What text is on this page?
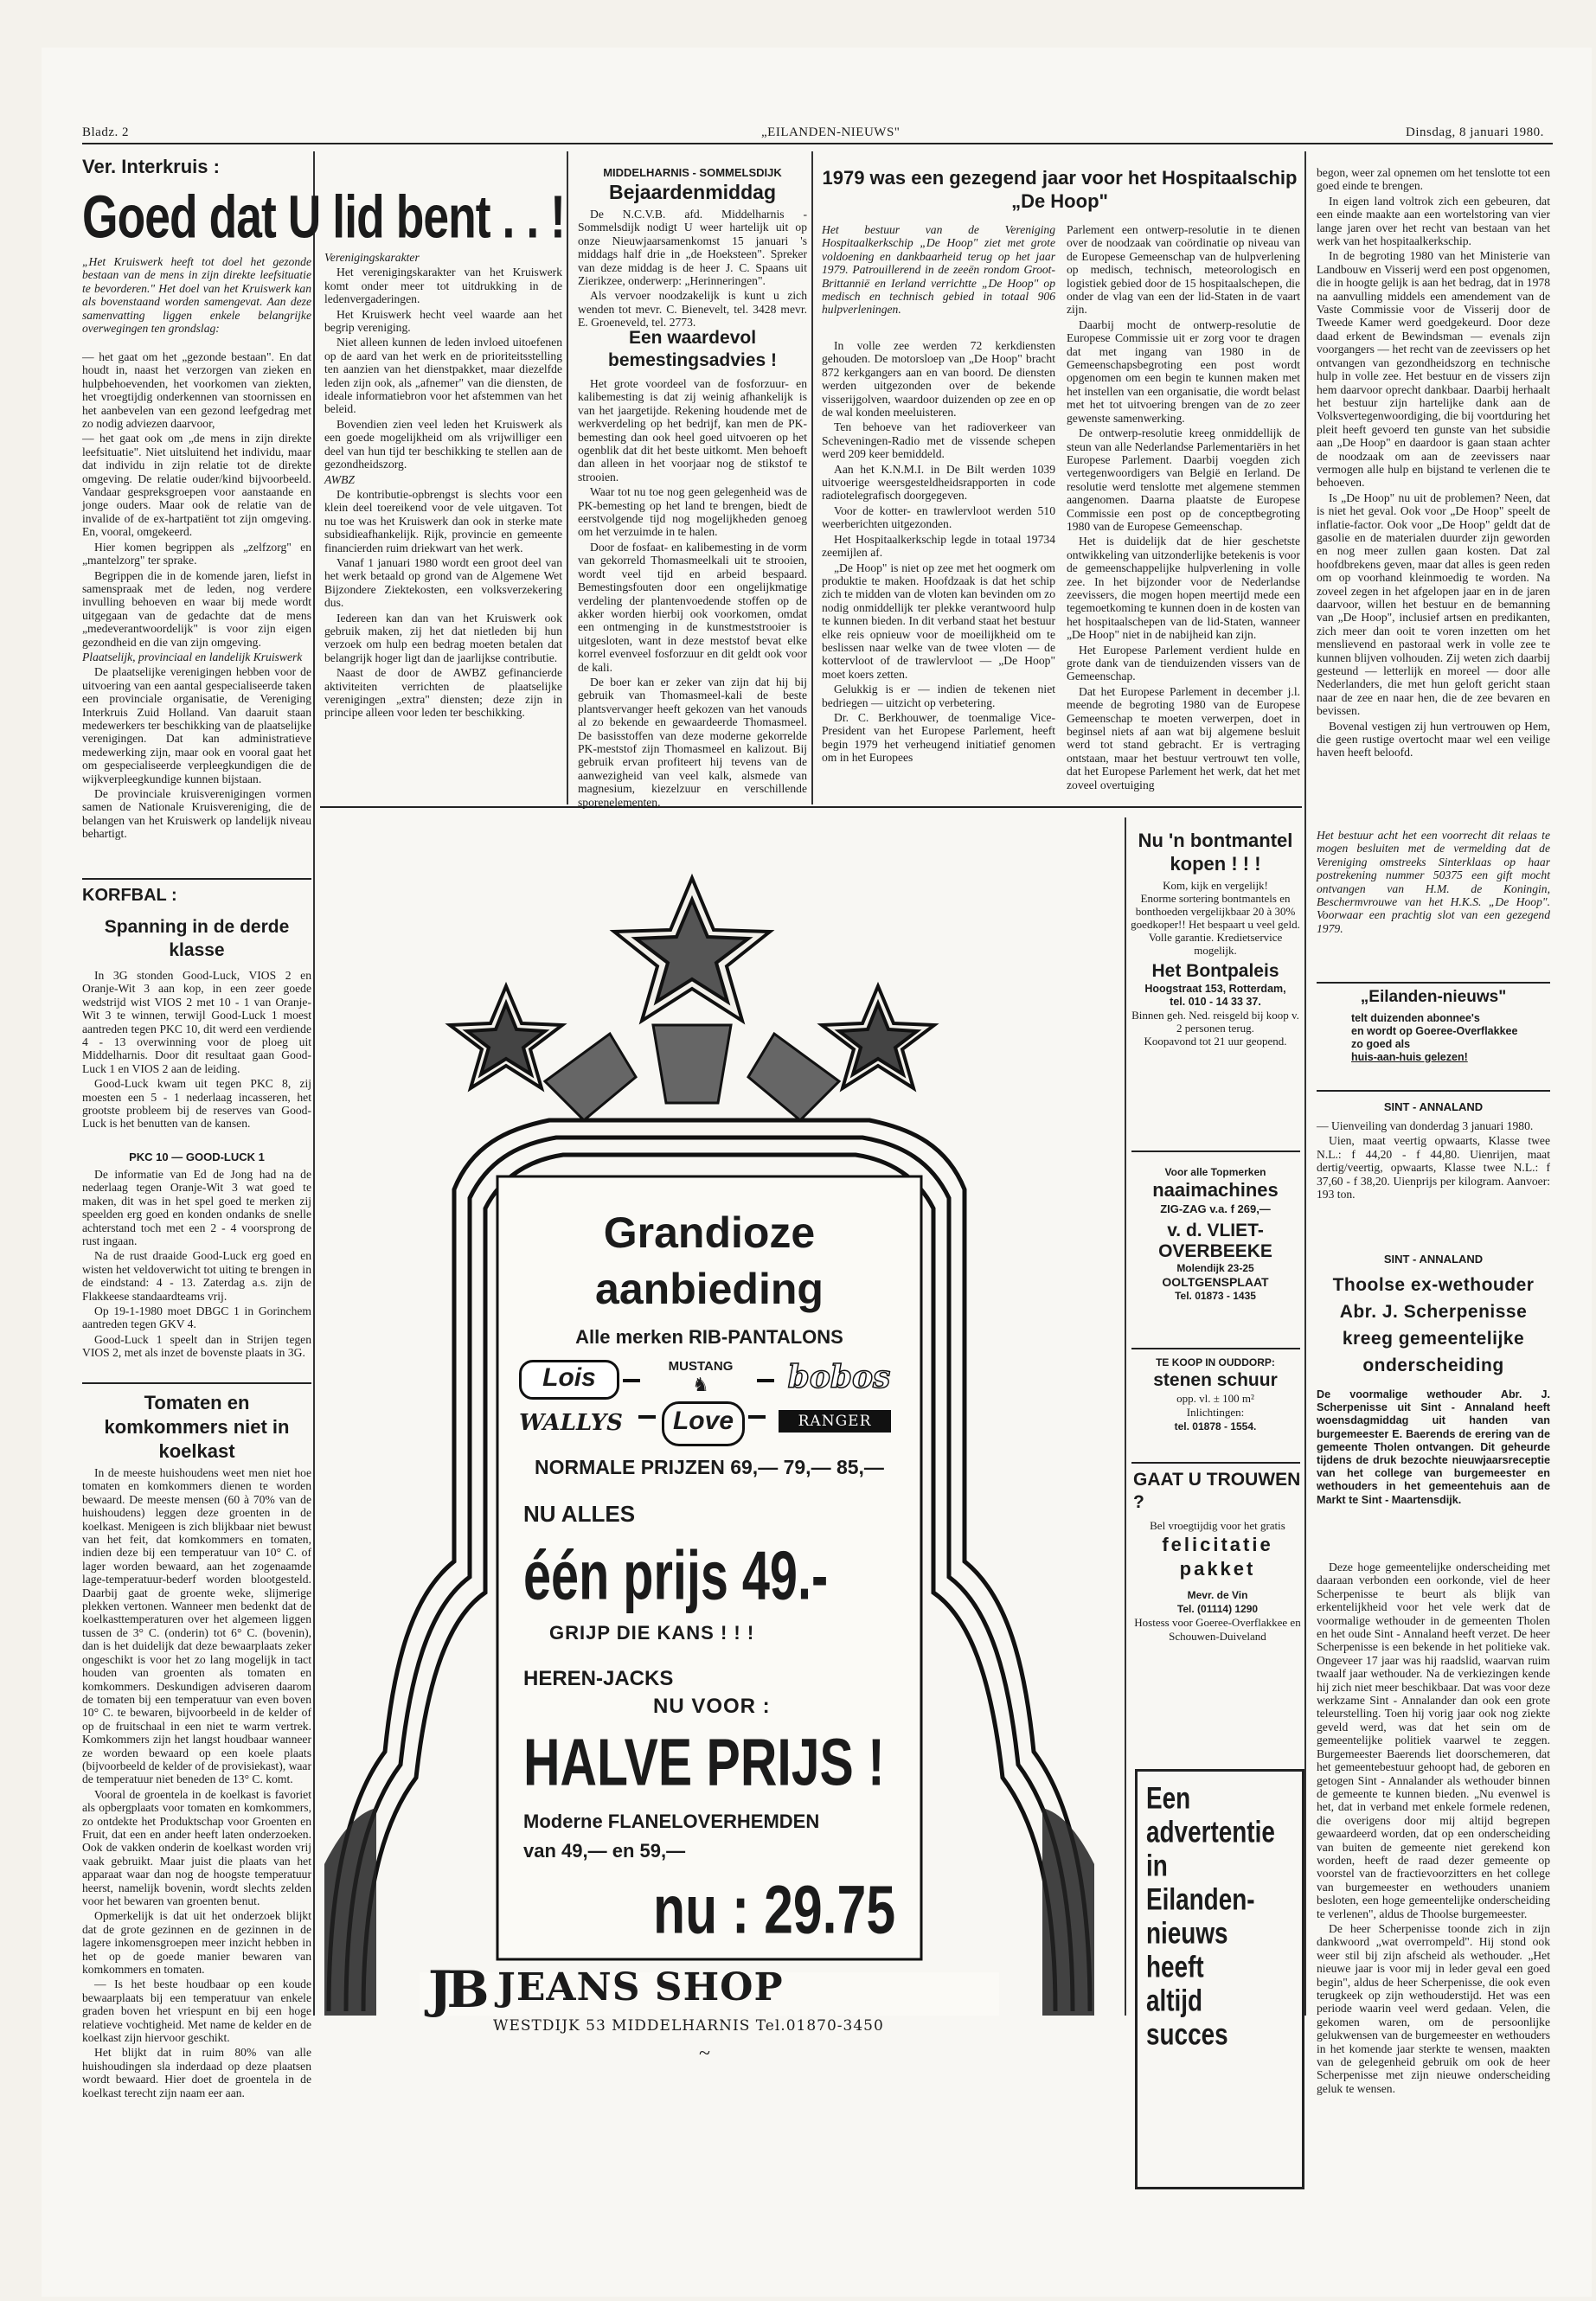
Bladz. 2	„EILANDEN-NIEUWS"	Dinsdag, 8 januari 1980.
Ver. Interkruis :
Goed dat U lid bent . . !
„Het Kruiswerk heeft tot doel het gezonde bestaan van de mens in zijn direkte leefsituatie te bevorderen." Het doel van het Kruiswerk kan als bovenstaand worden samengevat. Aan deze samenvatting liggen enkele belangrijke overwegingen ten grondslag:

— het gaat om het „gezonde bestaan". En dat houdt in, naast het verzorgen van zieken en hulpbehoevenden, het voorkomen van ziekten, het vroegtijdig onderkennen van stoornissen en het aanbevelen van een gezond leefgedrag met zo nodig adviezen daarvoor,

— het gaat ook om „de mens in zijn direkte leefsituatie". Niet uitsluitend het individu, maar dat individu in zijn relatie tot de direkte omgeving. De relatie ouder/kind bijvoorbeeld. Vandaar gespreksgroepen voor aanstaande en jonge ouders. Maar ook de relatie van de invalide of de ex-hartpatiënt tot zijn omgeving. En, vooral, omgekeerd.

Hier komen begrippen als „zelfzorg" en „mantelzorg" ter sprake.

Begrippen die in de komende jaren, liefst in samenspraak met de leden, nog verdere invulling behoeven en waar bij mede wordt uitgegaan van de gedachte dat de mens „medeverantwoordelijk" is voor zijn eigen gezondheid en die van zijn omgeving.

Plaatselijk, provinciaal en landelijk Kruiswerk

De plaatselijke verenigingen hebben voor de uitvoering van een aantal gespecialiseerde taken een provinciale organisatie, de Vereniging Interkruis Zuid Holland. Van daaruit staan medewerkers ter beschikking van de plaatselijke verenigingen. Dat kan administratieve medewerking zijn, maar ook en vooral gaat het om gespecialiseerde verpleegkundigen die de wijkverpleegkundige kunnen bijstaan.

De provinciale kruisverenigingen vormen samen de Nationale Kruisvereniging, die de belangen van het Kruiswerk op landelijk niveau behartigt.

Verenigingskarakter

Het verenigingskarakter van het Kruiswerk komt onder meer tot uitdrukking in de ledenvergaderingen.

Het Kruiswerk hecht veel waarde aan het begrip vereniging.

Niet alleen kunnen de leden invloed uitoefenen op de aard van het werk en de prioriteitsstelling ten aanzien van het dienstpakket, maar diezelfde leden zijn ook, als „afnemer" van die diensten, de ideale informatiebron voor het afstemmen van het beleid.

Bovendien zien veel leden het Kruiswerk als een goede mogelijkheid om als vrijwilliger een deel van hun tijd ter beschikking te stellen aan de gezondheidszorg.

AWBZ

De kontributie-opbrengst is slechts voor een klein deel toereikend voor de vele uitgaven. Tot nu toe was het Kruiswerk dan ook in sterke mate subsidieafhankelijk. Rijk, provincie en gemeente financierden ruim driekwart van het werk.

Vanaf 1 januari 1980 wordt een groot deel van het werk betaald op grond van de Algemene Wet Bijzondere Ziektekosten, een volksverzekering dus.

Iedereen kan dan van het Kruiswerk ook gebruik maken, zij het dat nietleden bij hun verzoek om hulp een bedrag moeten betalen dat belangrijk hoger ligt dan de jaarlijkse contributie.

Naast de door de AWBZ gefinancierde aktiviteiten verrichten de plaatselijke verenigingen „extra" diensten; deze zijn in principe alleen voor leden ter beschikking.

MIDDELHARNIS - SOMMELSDIJK
Bejaardenmiddag

De N.C.V.B. afd. Middelharnis - Sommelsdijk nodigt U weer hartelijk uit op onze Nieuwjaarsamenkomst 15 januari 's middags half drie in „de Hoeksteen". Spreker van deze middag is de heer J. C. Spaans uit Zierikzee, onderwerp: „Herinneringen".

Als vervoer noodzakelijk is kunt u zich wenden tot mevr. C. Bienevelt, tel. 3428 mevr. E. Groeneveld, tel. 2773.

Een waardevol bemestingsadvies !

Het grote voordeel van de fosforzuur- en kalibemesting is dat zij weinig afhankelijk is van het jaargetijde. Rekening houdende met de werkverdeling op het bedrijf, kan men de PK-bemesting dan ook heel goed uitvoeren op het ogenblik dat dit het beste uitkomt. Men behoeft dan alleen in het voorjaar nog de stikstof te strooien.

Waar tot nu toe nog geen gelegenheid was de PK-bemesting op het land te brengen, biedt de eerstvolgende tijd nog mogelijkheden genoeg om het verzuimde in te halen.

Door de fosfaat- en kalibemesting in de vorm van gekorreld Thomasmeelkali uit te strooien, wordt veel tijd en arbeid bespaard. Bemestingsfouten door een ongelijkmatige verdeling der plantenvoedende stoffen op de akker worden hierbij ook voorkomen, omdat een ontmenging in de kunstmeststrooier is uitgesloten, want in deze meststof bevat elke korrel evenveel fosforzuur en dit geldt ook voor de kali.

De boer kan er zeker van zijn dat hij bij gebruik van Thomasmeel-kali de beste plantsvervanger heeft gekozen van het vanouds al zo bekende en gewaardeerde Thomasmeel. De basisstoffen van deze moderne gekorrelde PK-meststof zijn Thomasmeel en kalizout. Bij gebruik ervan profiteert hij tevens van de aanwezigheid van veel kalk, alsmede van magnesium, kiezelzuur en verschillende sporenelementen.

1979 was een gezegend jaar voor het Hospitaalschip „De Hoop"
Het bestuur van de Vereniging Hospitaalkerkschip „De Hoop" ziet met grote voldoening en dankbaarheid terug op het jaar 1979. Patrouillerend in de zeeën rondom Groot-Brittannië en Ierland verrichtte „De Hoop" op medisch en technisch gebied in totaal 906 hulpverleningen.

In volle zee werden 72 kerkdiensten gehouden. De motorsloep van „De Hoop" bracht 872 kerkgangers aan en van boord. De diensten werden uitgezonden over de bekende visserijgolven, waardoor duizenden op zee en op de wal konden meeluisteren.

Ten behoeve van het radioverkeer van Scheveningen-Radio met de vissende schepen werd 209 keer bemiddeld.

Aan het K.N.M.I. in De Bilt werden 1039 uitvoerige weersgesteldheidsrapporten in code radiotelegrafisch doorgegeven.

Voor de kotter- en trawlervloot werden 510 weerberichten uitgezonden.

Het Hospitaalkerkschip legde in totaal 19734 zeemijlen af.

„De Hoop" is niet op zee met het oogmerk om produktie te maken. Hoofdzaak is dat het schip zich te midden van de vloten kan bevinden om zo nodig onmiddellijk ter plekke verantwoord hulp te kunnen bieden. In dit verband staat het bestuur elke reis opnieuw voor de moeilijkheid om te beslissen naar welke van de twee vloten — de kottervloot of de trawlervloot — „De Hoop" moet koers zetten.

Gelukkig is er — indien de tekenen niet bedriegen — uitzicht op verbetering.

Dr. C. Berkhouwer, de toenmalige Vice-President van het Europese Parlement, heeft begin 1979 het verheugend initiatief genomen om in het Europees

Parlement een ontwerp-resolutie in te dienen over de noodzaak van coördinatie op niveau van de Europese Gemeenschap van de hulpverlening op medisch, technisch, meteorologisch en logistiek gebied door de 15 hospitaalschepen, die onder de vlag van een der lid-Staten in de vaart zijn.

Daarbij mocht de ontwerp-resolutie de Europese Commissie uit er zorg voor te dragen dat met ingang van 1980 in de Gemeenschapsbegroting een post wordt opgenomen om een begin te kunnen maken met het instellen van een organisatie, die wordt belast met het tot uitvoering brengen van de zo zeer gewenste samenwerking.

De ontwerp-resolutie kreeg onmiddellijk de steun van alle Nederlandse Parlementariërs in het Europese Parlement. Daarbij voegden zich vertegenwoordigers van België en Ierland. De resolutie werd tenslotte met algemene stemmen aangenomen. Daarna plaatste de Europese Commissie een post op de conceptbegroting 1980 van de Europese Gemeenschap.

Het is duidelijk dat de hier geschetste ontwikkeling van uitzonderlijke betekenis is voor de gemeenschappelijke hulpverlening in volle zee. In het bijzonder voor de Nederlandse zeevissers, die mogen hopen meertijd mede een tegemoetkoming te kunnen doen in de kosten van het hospitaalschepen van de lid-Staten, wanneer „De Hoop" niet in de nabijheid kan zijn.

Het Europese Parlement verdient hulde en grote dank van de tienduizenden vissers van de Gemeenschap.

Dat het Europese Parlement in december j.l. meende de begroting 1980 van de Europese Gemeenschap te moeten verwerpen, doet in beginsel niets af aan wat bij algemene besluit werd tot stand gebracht. Er is vertraging ontstaan, maar het bestuur vertrouwt ten volle, dat het Europese Parlement het werk, dat het met zoveel overtuiging

begon, weer zal opnemen om het tenslotte tot een goed einde te brengen.

In eigen land voltrok zich een gebeuren, dat een einde maakte aan een wortelstoring van vier lange jaren over het recht van bestaan van het werk van het hospitaalkerkschip.

In de begroting 1980 van het Ministerie van Landbouw en Visserij werd een post opgenomen, die in hoogte gelijk is aan het bedrag, dat in 1978 na aanvulling middels een amendement van de Vaste Commissie voor de Visserij door de Tweede Kamer werd goedgekeurd. Door deze daad erkent de Bewindsman — evenals zijn voorgangers — het recht van de zeevissers op het ontvangen van gezondheidszorg en technische hulp in volle zee. Het bestuur en de vissers zijn hem daarvoor oprecht dankbaar. Daarbij herhaalt het bestuur zijn hartelijke dank aan de Volksvertegenwoordiging, die bij voortduring het pleit heeft gevoerd ten gunste van het subsidie aan „De Hoop" en daardoor is gaan staan achter de noodzaak om aan de zeevissers naar vermogen alle hulp en bijstand te verlenen die te behoeven.

Is „De Hoop" nu uit de problemen? Neen, dat is niet het geval. Ook voor „De Hoop" speelt de inflatie-factor. Ook voor „De Hoop" geldt dat de gasolie en de materialen duurder zijn geworden en nog meer zullen gaan kosten. Dat zal hoofdbrekens geven, maar dat alles is geen reden om op voorhand kleinmoedig te worden. Na zoveel zegen in het afgelopen jaar en in de jaren daarvoor, willen het bestuur en de bemanning van „De Hoop", inclusief artsen en predikanten, zich meer dan ooit te voren inzetten om het menslievend en pastoraal werk in volle zee te kunnen blijven volhouden. Zij weten zich daarbij gesteund — letterlijk en moreel — door alle Nederlanders, die met hun geloft gericht staan naar de zee en naar hen, die de zee bevaren en bevissen.

Bovenal vestigen zij hun vertrouwen op Hem, die geen rustige overtocht maar wel een veilige haven heeft beloofd.

Het bestuur acht het een voorrecht dit relaas te mogen besluiten met de vermelding dat de Vereniging omstreeks Sinterklaas op haar postrekening nummer 50375 een gift mocht ontvangen van H.M. de Koningin, Beschermvrouwe van het H.K.S. „De Hoop". Voorwaar een prachtig slot van een gezegend 1979.
„Eilanden-nieuws"
telt duizenden abonnee's
en wordt op Goeree-Overflakkee
zo goed als
huis-aan-huis gelezen!
SINT - ANNALAND

— Uienveiling van donderdag 3 januari 1980.

Uien, maat veertig opwaarts, Klasse twee N.L.: f 44,20 - f 44,80. Uienrijen, maat dertig/veertig, opwaarts, Klasse twee N.L.: f 37,60 - f 38,20. Uienprijs per kilogram. Aanvoer: 193 ton.

SINT - ANNALAND
Thoolse ex-wethouder Abr. J. Scherpenisse kreeg gemeentelijke onderscheiding
De voormalige wethouder Abr. J. Scherpenisse uit Sint - Annaland heeft woensdagmiddag uit handen van burgemeester E. Baerends de erering van de gemeente Tholen ontvangen. Dit geheurde tijdens de druk bezochte nieuwjaarsreceptie van het college van burgemeester en wethouders in het gemeentehuis aan de Markt te Sint - Maartensdijk.

Deze hoge gemeentelijke onderscheiding met daaraan verbonden een oorkonde, viel de heer Scherpenisse te beurt als blijk van erkentelijkheid voor het vele werk dat de voormalige wethouder in de gemeenten Tholen en het oude Sint - Annaland heeft verzet. De heer Scherpenisse is een bekende in het politieke vak. Ongeveer 17 jaar was hij raadslid, waarvan ruim twaalf jaar wethouder. Na de verkiezingen kende hij zich niet meer beschikbaar. Dat was voor deze werkzame Sint - Annalander dan ook een grote teleurstelling. Toen hij vorig jaar ook nog ziekte geveld werd, was dat het sein om de gemeentelijke politiek vaarwel te zeggen. Burgemeester Baerends liet doorschemeren, dat het gemeentebestuur gehoopt had, de geboren en getogen Sint - Annalander als wethouder binnen de gemeente te kunnen bieden. „Nu evenwel is het, dat in verband met enkele formele redenen, die overigens door mij altijd begrepen gewaardeerd worden, dat op een onderscheiding van buiten de gemeente niet gerekend kon worden, heeft de raad dezer gemeente op voorstel van de fractievoorzitters en het college van burgemeester en wethouders unaniem besloten, een hoge gemeentelijke onderscheiding te verlenen", aldus de Thoolse burgemeester.

De heer Scherpenisse toonde zich in zijn dankwoord „wat overrompeld". Hij stond ook weer stil bij zijn afscheid als wethouder. „Het nieuwe jaar is voor mij in leder geval een goed begin", aldus de heer Scherpenisse, die ook even terugkeek op zijn wethouderstijd. Het was een periode waarin veel werd gedaan. Velen, die gekomen waren, om de persoonlijke gelukwensen van de burgemeester en wethouders in het komende jaar sterkte te wensen, maakten van de gelegenheid gebruik om ook de heer Scherpenisse met zijn nieuwe onderscheiding geluk te wensen.

KORFBAL :
Spanning in de derde klasse

In 3G stonden Good-Luck, VIOS 2 en Oranje-Wit 3 aan kop, in een zeer goede wedstrijd wist VIOS 2 met 10 - 1 van Oranje-Wit 3 te winnen, terwijl Good-Luck 1 moest aantreden tegen PKC 10, dit werd een verdiende 4 - 13 overwinning voor de ploeg uit Middelharnis. Door dit resultaat gaan Good-Luck 1 en VIOS 2 aan de leiding.

Good-Luck kwam uit tegen PKC 8, zij moesten een 5 - 1 nederlaag incasseren, het grootste probleem bij de reserves van Good-Luck is het benutten van de kansen.

PKC 10 — GOOD-LUCK 1

De informatie van Ed de Jong had na de nederlaag tegen Oranje-Wit 3 wat goed te maken, dit was in het spel goed te merken zij speelden erg goed en konden ondanks de snelle achterstand toch met een 2 - 4 voorsprong de rust ingaan.

Na de rust draaide Good-Luck erg goed en wisten het veldoverwicht tot uiting te brengen in de eindstand: 4 - 13. Zaterdag a.s. zijn de Flakkeese standaardteams vrij.

Op 19-1-1980 moet DBGC 1 in Gorinchem aantreden tegen GKV 4.

Good-Luck 1 speelt dan in Strijen tegen VIOS 2, met als inzet de bovenste plaats in 3G.

Tomaten en komkommers niet in koelkast

In de meeste huishoudens weet men niet hoe tomaten en komkommers dienen te worden bewaard. De meeste mensen (60 à 70% van de huishoudens) leggen deze groenten in de koelkast. Menigeen is zich blijkbaar niet bewust van het feit, dat komkommers en tomaten, indien deze bij een temperatuur van 10° C. of lager worden bewaard, aan het zogenaamde lage-temperatuur-bederf worden blootgesteld. Daarbij gaat de groente weke, slijmerige plekken vertonen. Wanneer men bedenkt dat de koelkasttemperaturen over het algemeen liggen tussen de 3° C. (onderin) tot 6° C. (bovenin), dan is het duidelijk dat deze bewaarplaats zeker ongeschikt is voor het zo lang mogelijk in tact houden van groenten als tomaten en komkommers. Deskundigen adviseren daarom de tomaten bij een temperatuur van even boven 10° C. te bewaren, bijvoorbeeld in de kelder of op de fruitschaal in een niet te warm vertrek. Komkommers zijn het langst houdbaar wanneer ze worden bewaard op een koele plaats (bijvoorbeeld de kelder of de provisiekast), waar de temperatuur niet beneden de 13° C. komt.

Vooral de groentela in de koelkast is favoriet als opbergplaats voor tomaten en komkommers, zo ontdekte het Produktschap voor Groenten en Fruit, dat een en ander heeft laten onderzoeken. Ook de vakken onderin de koelkast worden vrij vaak gebruikt. Maar juist die plaats van het apparaat waar dan nog de hoogste temperatuur heerst, namelijk bovenin, wordt slechts zelden voor het bewaren van groenten benut.

Opmerkelijk is dat uit het onderzoek blijkt dat de grote gezinnen en de gezinnen in de lagere inkomensgroepen meer inzicht hebben in het op de goede manier bewaren van komkommers en tomaten.

— Is het beste houdbaar op een koude bewaarplaats bij een temperatuur van enkele graden boven het vriespunt en bij een hoge relatieve vochtigheid. Met name de kelder en de koelkast zijn hiervoor geschikt.

Het blijkt dat in ruim 80% van alle huishoudingen sla inderdaad op deze plaatsen wordt bewaard. Hier doet de groentela in de koelkast terecht zijn naam eer aan.

Grandioze
aanbieding
Alle merken RIB-PANTALONS
Lois	MUSTANG
♞	bobos
WALLYS	Love	RANGER
NORMALE PRIJZEN 69,— 79,— 85,—
NU ALLES
één prijs 49.-
GRIJP DIE KANS ! ! !
HEREN-JACKS
NU VOOR :
HALVE PRIJS !
Moderne FLANELOVERHEMDEN
van 49,— en 59,—
nu : 29.75
JB JEANS SHOP
WESTDIJK 53 MIDDELHARNIS Tel.01870-3450
~
Nu 'n bontmantel kopen ! ! !
Kom, kijk en vergelijk!
Enorme sortering bontmantels en bonthoeden vergelijkbaar 20 à 30% goedkoper!! Het bespaart u veel geld. Volle garantie. Kredietservice mogelijk.
Het Bontpaleis
Hoogstraat 153, Rotterdam,
tel. 010 - 14 33 37.
Binnen geh. Ned. reisgeld bij koop v. 2 personen terug.
Koopavond tot 21 uur geopend.
Voor alle Topmerken
naaimachines
ZIG-ZAG v.a. f 269,—
v. d. VLIET-
OVERBEEKE
Molendijk 23-25
OOLTGENSPLAAT
Tel. 01873 - 1435
TE KOOP IN OUDDORP:
stenen schuur
opp. vl. ± 100 m²
Inlichtingen:
tel. 01878 - 1554.
GAAT U TROUWEN ?
Bel vroegtijdig voor het gratis
felicitatie
pakket
Mevr. de Vin
Tel. (01114) 1290
Hostess voor Goeree-Overflakkee en Schouwen-Duiveland
Een
advertentie
in
Eilanden-
nieuws
heeft
altijd
succes
